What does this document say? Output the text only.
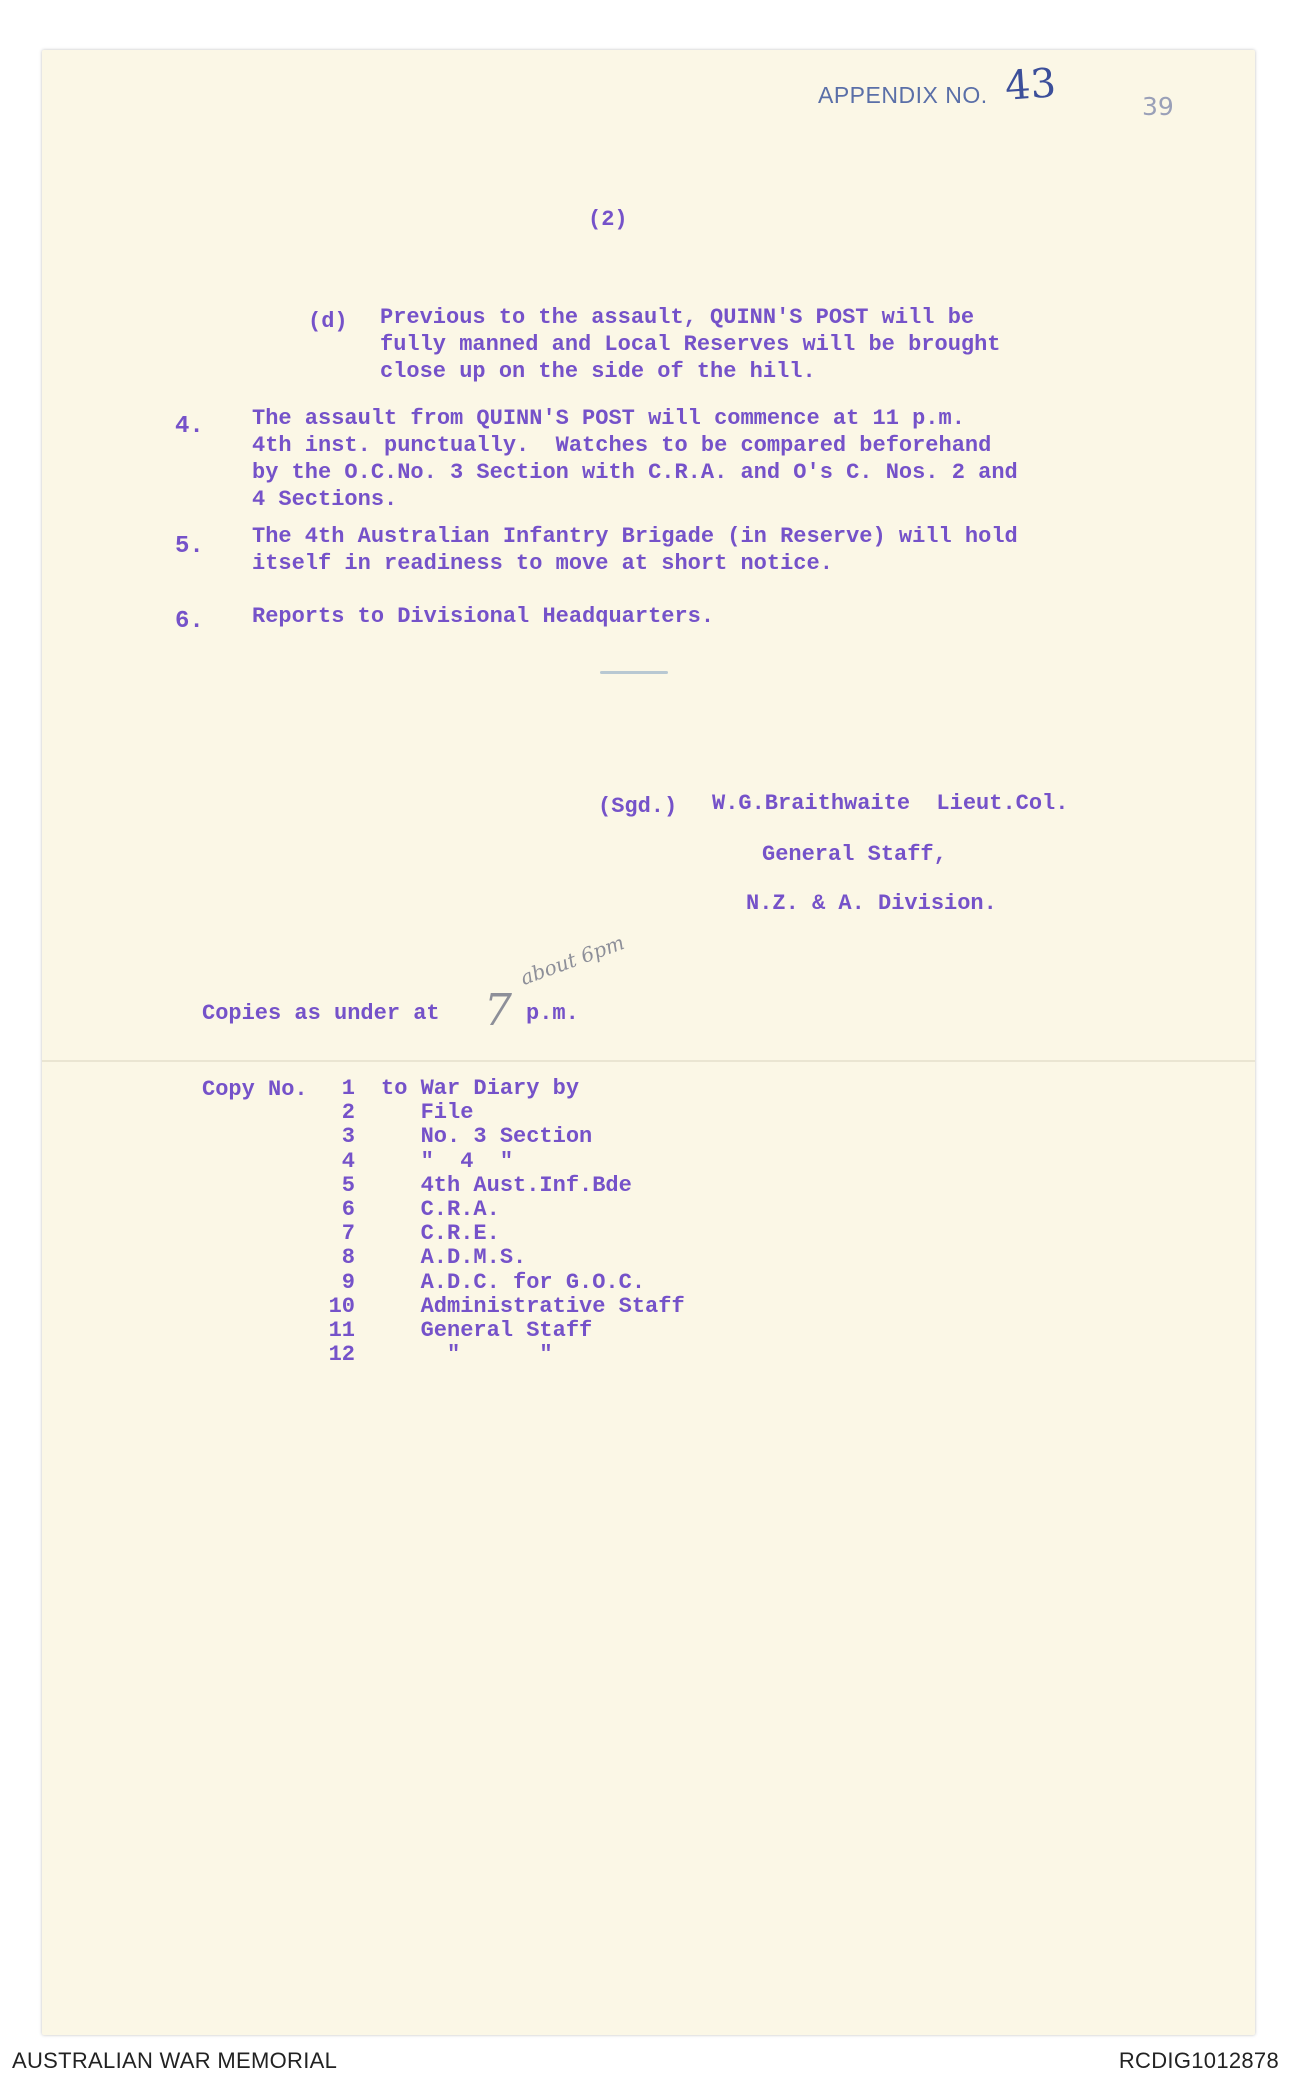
APPENDIX NO. 43	39
(2)
(d) Previous to the assault, QUINN'S POST will be
fully manned and Local Reserves will be brought
close up on the side of the hill.
4. The assault from QUINN'S POST will commence at 11 p.m.
4th inst. punctually.  Watches to be compared beforehand
by the O.C.No. 3 Section with C.R.A. and O's C. Nos. 2 and
4 Sections.
5. The 4th Australian Infantry Brigade (in Reserve) will hold
itself in readiness to move at short notice.
6. Reports to Divisional Headquarters.
(Sgd.) W.G.Braithwaite  Lieut.Col.
General Staff,
N.Z. & A. Division.
Copies as under at 7
about 6pm
p.m.
Copy No.	1 to War Diary by
2 File
3 No. 3 Section
4 "  4  "
5 4th Aust.Inf.Bde
6 C.R.A.
7 C.R.E.
8 A.D.M.S.
9 A.D.C. for G.O.C.
10 Administrative Staff
11 General Staff
12 "      "
AUSTRALIAN WAR MEMORIAL	RCDIG1012878
